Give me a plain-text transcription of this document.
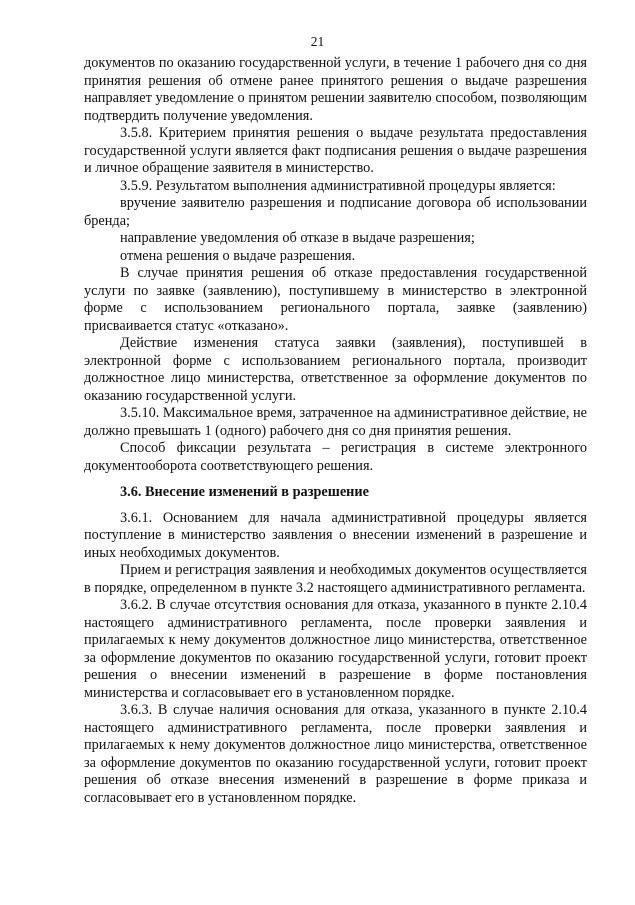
21

документов по оказанию государственной услуги, в течение 1 рабочего дня со дня принятия решения об отмене ранее принятого решения о выдаче разрешения направляет уведомление о принятом решении заявителю способом, позволяющим подтвердить получение уведомления.

3.5.8. Критерием принятия решения о выдаче результата предоставления государственной услуги является факт подписания решения о выдаче разрешения и личное обращение заявителя в министерство.

3.5.9. Результатом выполнения административной процедуры является:

вручение заявителю разрешения и подписание договора об использовании бренда;

направление уведомления об отказе в выдаче разрешения;

отмена решения о выдаче разрешения.

В случае принятия решения об отказе предоставления государственной услуги по заявке (заявлению), поступившему в министерство в электронной форме с использованием регионального портала, заявке (заявлению) присваивается статус «отказано».

Действие изменения статуса заявки (заявления), поступившей в электронной форме с использованием регионального портала, производит должностное лицо министерства, ответственное за оформление документов по оказанию государственной услуги.

3.5.10. Максимальное время, затраченное на административное действие, не должно превышать 1 (одного) рабочего дня со дня принятия решения.

Способ фиксации результата – регистрация в системе электронного документооборота соответствующего решения.

3.6. Внесение изменений в разрешение

3.6.1. Основанием для начала административной процедуры является поступление в министерство заявления о внесении изменений в разрешение и иных необходимых документов.

Прием и регистрация заявления и необходимых документов осуществляется в порядке, определенном в пункте 3.2 настоящего административного регламента.

3.6.2. В случае отсутствия основания для отказа, указанного в пункте 2.10.4 настоящего административного регламента, после проверки заявления и прилагаемых к нему документов должностное лицо министерства, ответственное за оформление документов по оказанию государственной услуги, готовит проект решения о внесении изменений в разрешение в форме постановления министерства и согласовывает его в установленном порядке.

3.6.3. В случае наличия основания для отказа, указанного в пункте 2.10.4 настоящего административного регламента, после проверки заявления и прилагаемых к нему документов должностное лицо министерства, ответственное за оформление документов по оказанию государственной услуги, готовит проект решения об отказе внесения изменений в разрешение в форме приказа и согласовывает его в установленном порядке.
